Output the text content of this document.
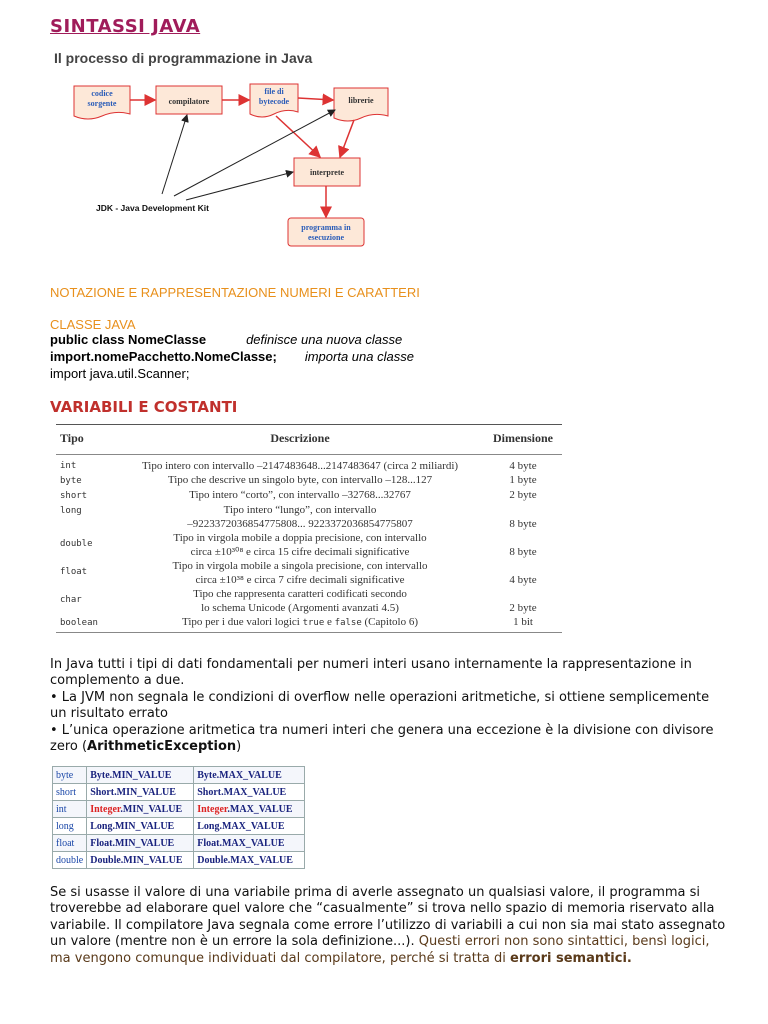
SINTASSI JAVA
Il processo di programmazione in Java
codice
sorgente	compilatore
file di
bytecode	librerie
interprete
programma in
esecuzione
JDK - Java Development Kit
NOTAZIONE E RAPPRESENTAZIONE NUMERI E CARATTERI
CLASSE JAVA
public class NomeClasse	definisce una nuova classe
import.nomePacchetto.NomeClasse; importa una classe
import java.util.Scanner;
VARIABILI E COSTANTI
Tipo	Descrizione	Dimensione
int	Tipo intero con intervallo –2147483648...2147483647 (circa 2 miliardi)	4 byte
byte	Tipo che descrive un singolo byte, con intervallo –128...127	1 byte
short	Tipo intero “corto”, con intervallo –32768...32767	2 byte
long	Tipo intero “lungo”, con intervallo
–9223372036854775808... 9223372036854775807	8 byte
double	Tipo in virgola mobile a doppia precisione, con intervallo
circa ±10³⁰⁸ e circa 15 cifre decimali significative	8 byte
float	Tipo in virgola mobile a singola precisione, con intervallo
circa ±10³⁸ e circa 7 cifre decimali significative	4 byte
char	Tipo che rappresenta caratteri codificati secondo
lo schema Unicode (Argomenti avanzati 4.5)	2 byte
boolean	Tipo per i due valori logici true e false (Capitolo 6)	1 bit
In Java tutti i tipi di dati fondamentali per numeri interi usano internamente la rappresentazione in complemento a due.
• La JVM non segnala le condizioni di overflow nelle operazioni aritmetiche, si ottiene semplicemente un risultato errato
• L’unica operazione aritmetica tra numeri interi che genera una eccezione è la divisione con divisore zero (ArithmeticException)
byte	Byte.MIN_VALUE	Byte.MAX_VALUE
short	Short.MIN_VALUE	Short.MAX_VALUE
int	Integer.MIN_VALUE	Integer.MAX_VALUE
long	Long.MIN_VALUE	Long.MAX_VALUE
float	Float.MIN_VALUE	Float.MAX_VALUE
double	Double.MIN_VALUE	Double.MAX_VALUE
Se si usasse il valore di una variabile prima di averle assegnato un qualsiasi valore, il programma si troverebbe ad elaborare quel valore che “casualmente” si trova nello spazio di memoria riservato alla variabile. Il compilatore Java segnala come errore l’utilizzo di variabili a cui non sia mai stato assegnato un valore (mentre non è un errore la sola definizione...). Questi errori non sono sintattici, bensì logici, ma vengono comunque individuati dal compilatore, perché si tratta di errori semantici.
